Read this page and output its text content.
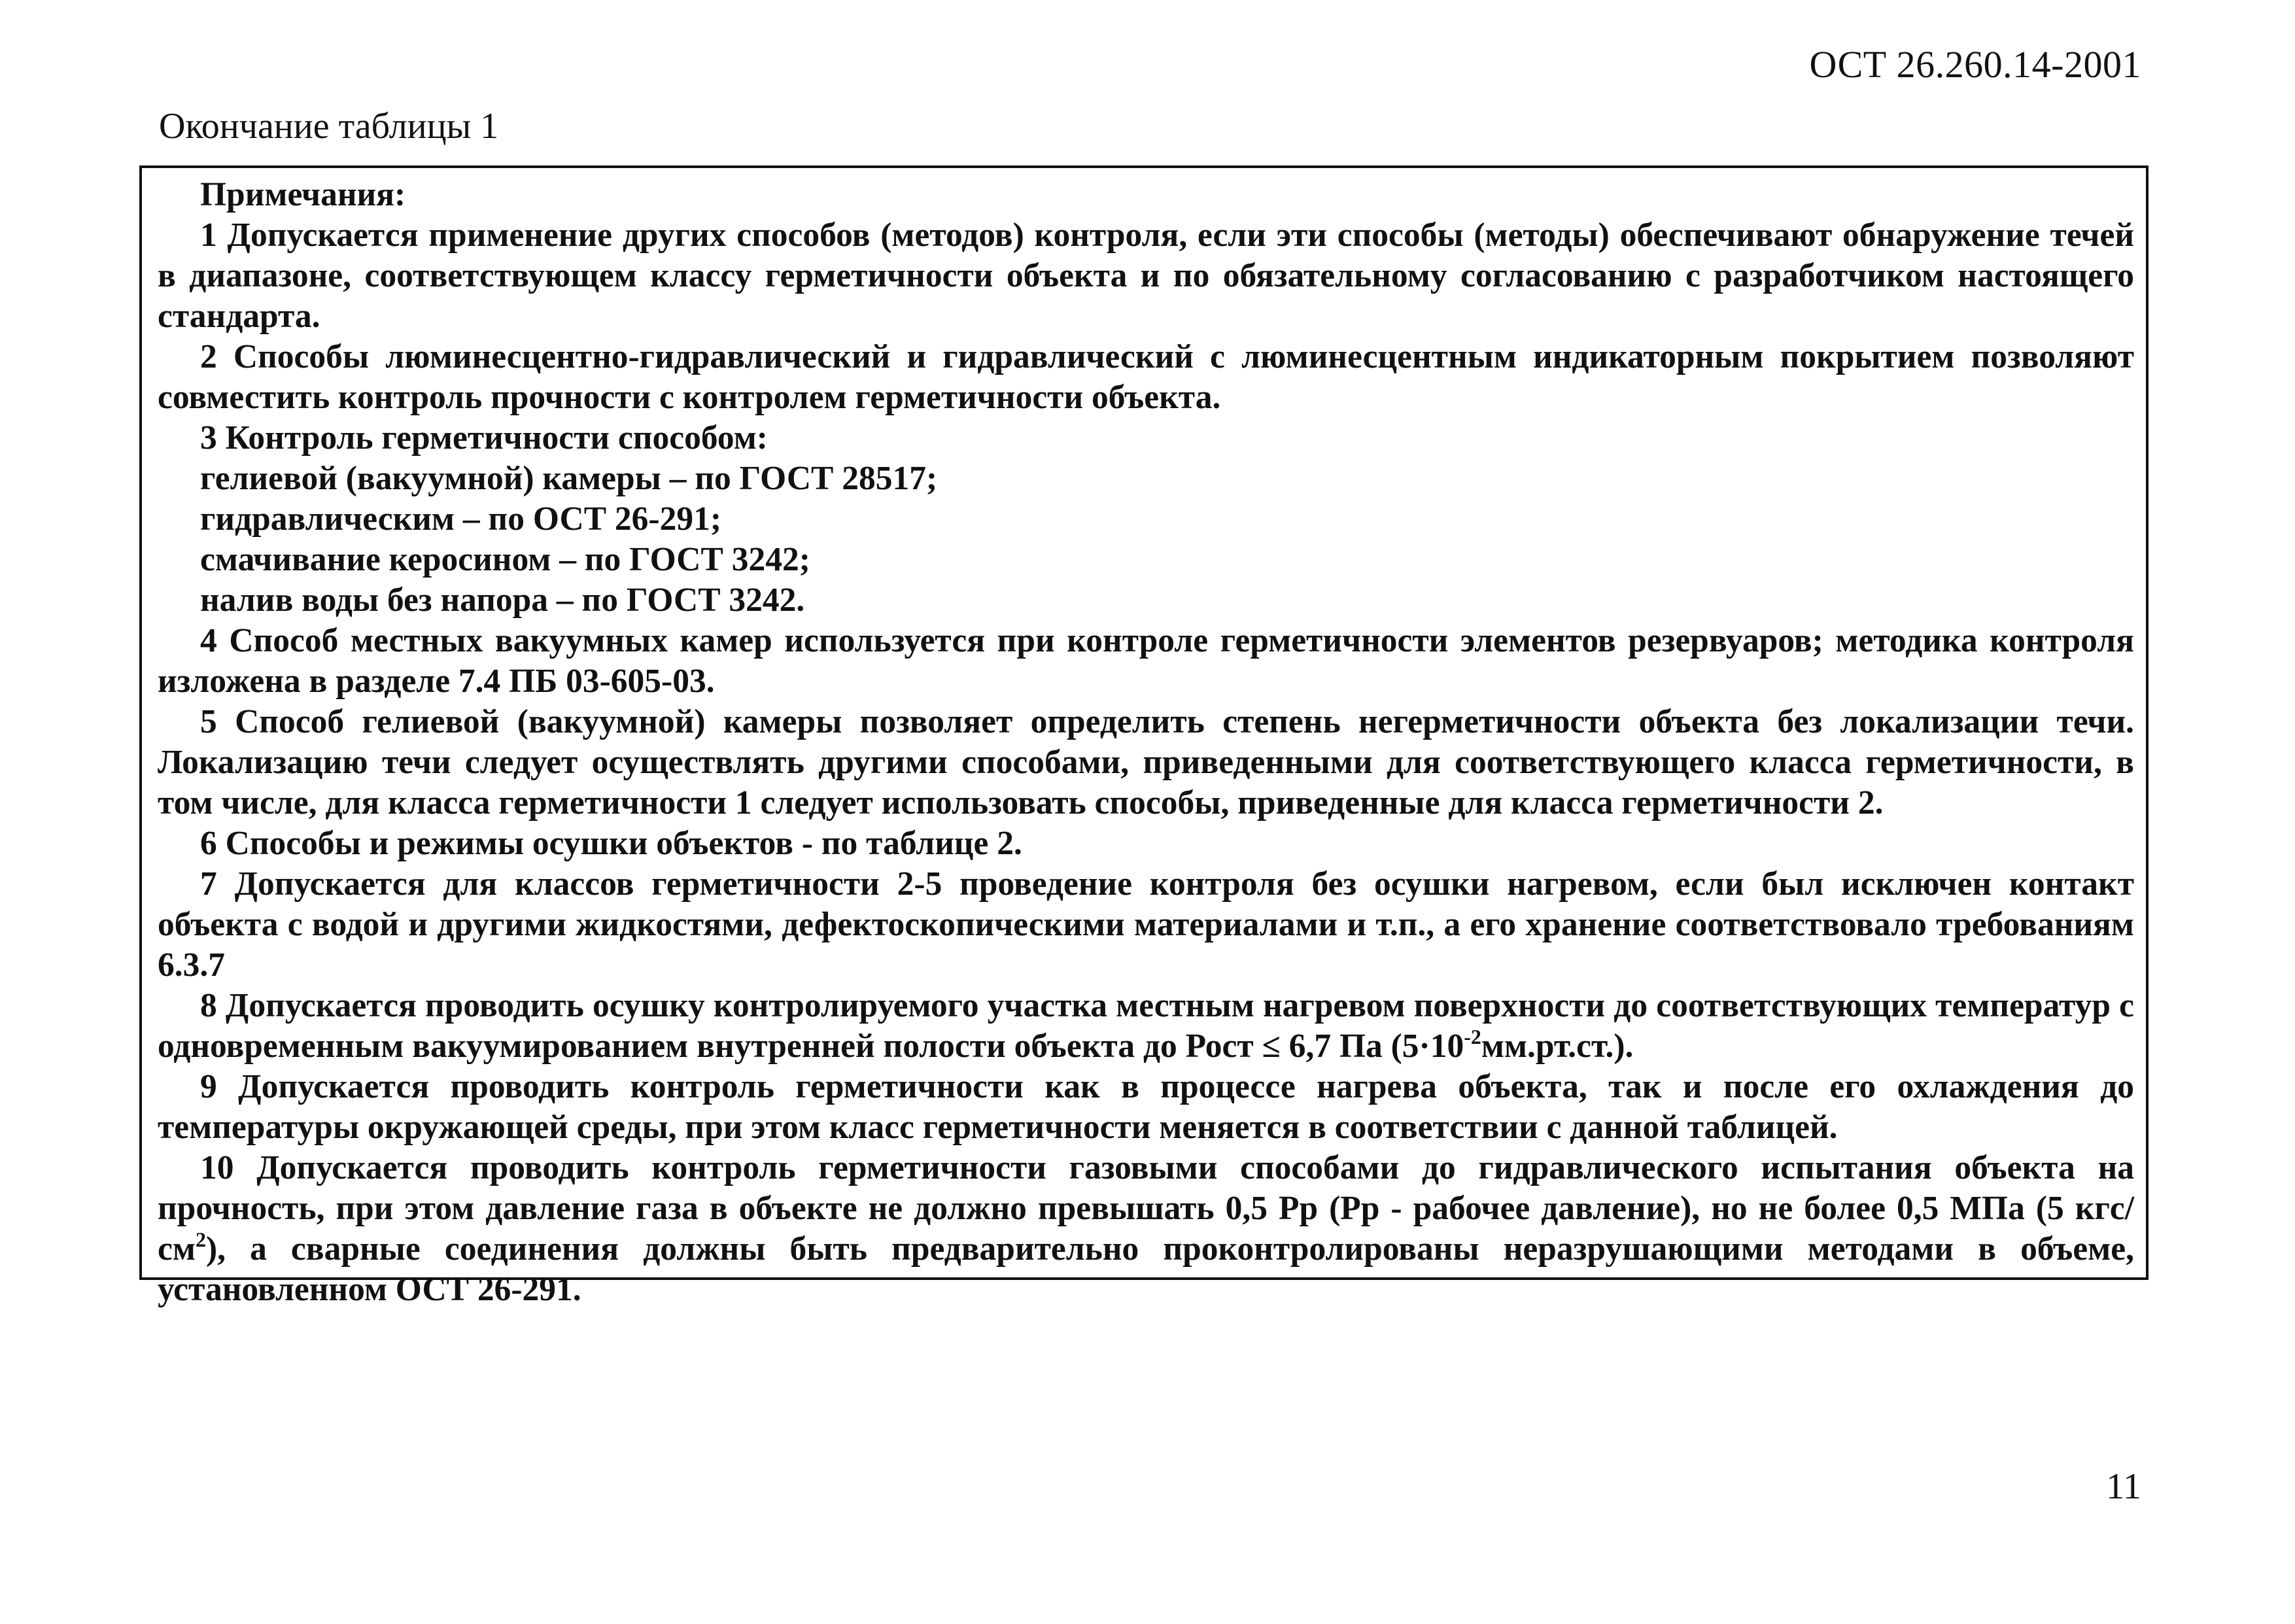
ОСТ 26.260.14-2001
Окончание таблицы 1

Примечания:

1 Допускается применение других способов (методов) контроля, если эти способы (методы) обеспечивают обнаружение течей в диапазоне, соответствующем классу герметичности объекта и по обязательному согласованию с разработчиком настоящего стандарта.

2 Способы люминесцентно-гидравлический и гидравлический с люминесцентным индикаторным покрытием позволяют совместить контроль прочности с контролем герметичности объекта.

3 Контроль герметичности способом:

гелиевой (вакуумной) камеры – по ГОСТ 28517;

гидравлическим – по ОСТ 26-291;

смачивание керосином – по ГОСТ 3242;

налив воды без напора – по ГОСТ 3242.

4 Способ местных вакуумных камер используется при контроле герметичности элементов резервуаров; методика контроля изложена в разделе 7.4 ПБ 03-605-03.

5 Способ гелиевой (вакуумной) камеры позволяет определить степень негерметичности объекта без локализации течи. Локализацию течи следует осуществлять другими способами, приведенными для соответствующего класса герметичности, в том числе, для класса герметичности 1 следует использовать способы, приведенные для класса герметичности 2.

6 Способы и режимы осушки объектов - по таблице 2.

7 Допускается для классов герметичности 2-5 проведение контроля без осушки нагревом, если был исключен контакт объекта с водой и другими жидкостями, дефектоскопическими материалами и т.п., а его хранение соответствовало требованиям 6.3.7

8 Допускается проводить осушку контролируемого участка местным нагревом поверхности до соответствующих температур с одновременным вакуумированием внутренней полости объекта до Рост ≤ 6,7 Па $(5\cdot 10^{-2}мм.рт.ст.)$.

9 Допускается проводить контроль герметичности как в процессе нагрева объекта, так и после его охлаждения до температуры окружающей среды, при этом класс герметичности меняется в соответствии с данной таблицей.

10 Допускается проводить контроль герметичности газовыми способами до гидравлического испытания объекта на прочность, при этом давление газа в объекте не должно превышать 0,5 Рр (Рр - рабочее давление), но не более 0,5 МПа (5 кгс/$см^2$), а сварные соединения должны быть предварительно проконтролированы неразрушающими методами в объеме, установленном ОСТ 26-291.

11
